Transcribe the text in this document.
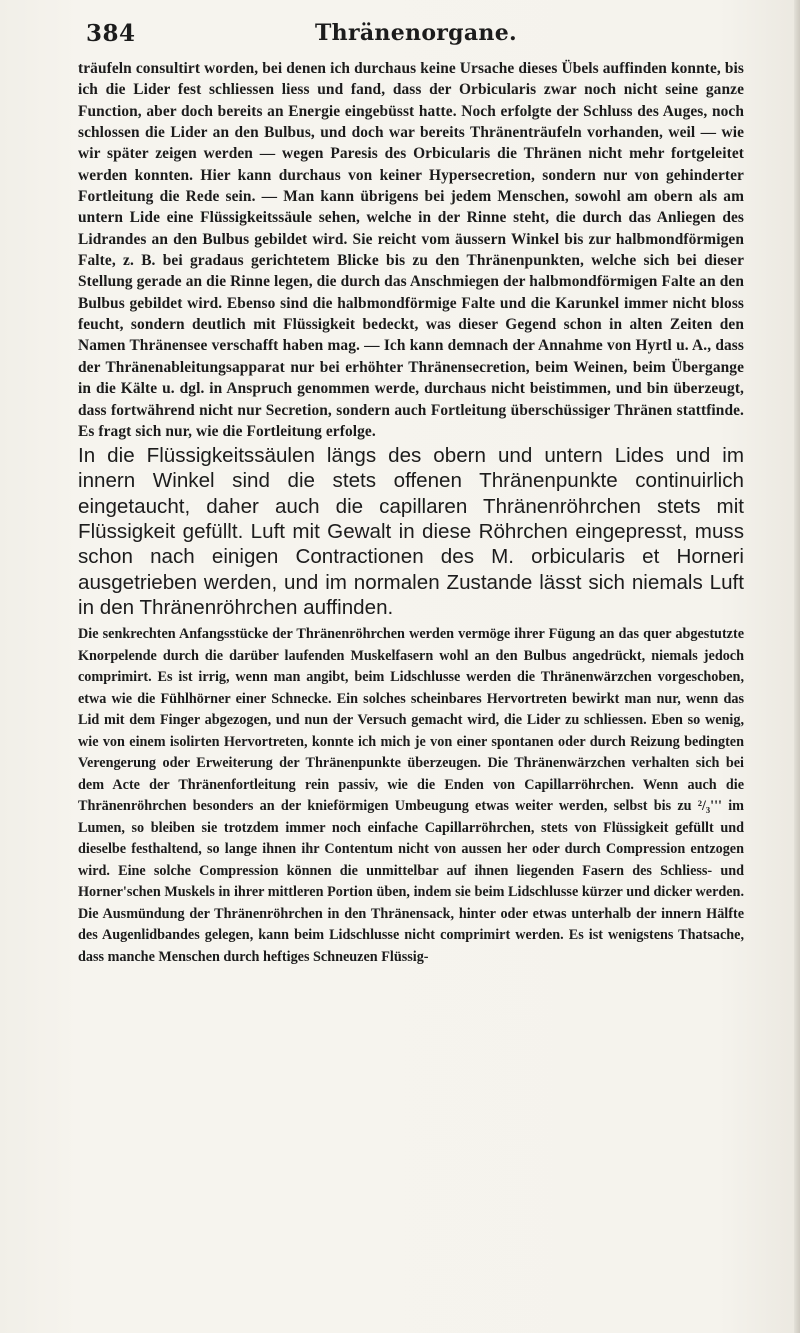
384	Thränenorgane.

träufeln consultirt worden, bei denen ich durchaus keine Ursache dieses Übels auffinden konnte, bis ich die Lider fest schliessen liess und fand, dass der Orbicularis zwar noch nicht seine ganze Function, aber doch bereits an Energie eingebüsst hatte. Noch erfolgte der Schluss des Auges, noch schlossen die Lider an den Bulbus, und doch war bereits Thränenträufeln vorhanden, weil — wie wir später zeigen werden — wegen Paresis des Orbicularis die Thränen nicht mehr fortgeleitet werden konnten. Hier kann durchaus von keiner Hypersecretion, sondern nur von gehinderter Fortleitung die Rede sein. — Man kann übrigens bei jedem Menschen, sowohl am obern als am untern Lide eine Flüssigkeitssäule sehen, welche in der Rinne steht, die durch das Anliegen des Lidrandes an den Bulbus gebildet wird. Sie reicht vom äussern Winkel bis zur halbmondförmigen Falte, z. B. bei gradaus gerichtetem Blicke bis zu den Thränenpunkten, welche sich bei dieser Stellung gerade an die Rinne legen, die durch das Anschmiegen der halbmondförmigen Falte an den Bulbus gebildet wird. Ebenso sind die halbmondförmige Falte und die Karunkel immer nicht bloss feucht, sondern deutlich mit Flüssigkeit bedeckt, was dieser Gegend schon in alten Zeiten den Namen Thränensee verschafft haben mag. — Ich kann demnach der Annahme von Hyrtl u. A., dass der Thränenableitungsapparat nur bei erhöhter Thränensecretion, beim Weinen, beim Übergange in die Kälte u. dgl. in Anspruch genommen werde, durchaus nicht beistimmen, und bin überzeugt, dass fortwährend nicht nur Secretion, sondern auch Fortleitung überschüssiger Thränen stattfinde. Es fragt sich nur, wie die Fortleitung erfolge.

In die Flüssigkeitssäulen längs des obern und untern Lides und im innern Winkel sind die stets offenen Thränenpunkte continuirlich eingetaucht, daher auch die capillaren Thränenröhrchen stets mit Flüssigkeit gefüllt. Luft mit Gewalt in diese Röhrchen eingepresst, muss schon nach einigen Contractionen des M. orbicularis et Horneri ausgetrieben werden, und im normalen Zustande lässt sich niemals Luft in den Thränenröhrchen auffinden.

Die senkrechten Anfangsstücke der Thränenröhrchen werden vermöge ihrer Fügung an das quer abgestutzte Knorpelende durch die darüber laufenden Muskelfasern wohl an den Bulbus angedrückt, niemals jedoch comprimirt. Es ist irrig, wenn man angibt, beim Lidschlusse werden die Thränenwärzchen vorgeschoben, etwa wie die Fühlhörner einer Schnecke. Ein solches scheinbares Hervortreten bewirkt man nur, wenn das Lid mit dem Finger abgezogen, und nun der Versuch gemacht wird, die Lider zu schliessen. Eben so wenig, wie von einem isolirten Hervortreten, konnte ich mich je von einer spontanen oder durch Reizung bedingten Verengerung oder Erweiterung der Thränenpunkte überzeugen. Die Thränenwärzchen verhalten sich bei dem Acte der Thränenfortleitung rein passiv, wie die Enden von Capillarröhrchen. Wenn auch die Thränenröhrchen besonders an der knieförmigen Umbeugung etwas weiter werden, selbst bis zu ²/₃''' im Lumen, so bleiben sie trotzdem immer noch einfache Capillarröhrchen, stets von Flüssigkeit gefüllt und dieselbe festhaltend, so lange ihnen ihr Contentum nicht von aussen her oder durch Compression entzogen wird. Eine solche Compression können die unmittelbar auf ihnen liegenden Fasern des Schliess- und Horner'schen Muskels in ihrer mittleren Portion üben, indem sie beim Lidschlusse kürzer und dicker werden. Die Ausmündung der Thränenröhrchen in den Thränensack, hinter oder etwas unterhalb der innern Hälfte des Augenlidbandes gelegen, kann beim Lidschlusse nicht comprimirt werden. Es ist wenigstens Thatsache, dass manche Menschen durch heftiges Schneuzen Flüssig-
